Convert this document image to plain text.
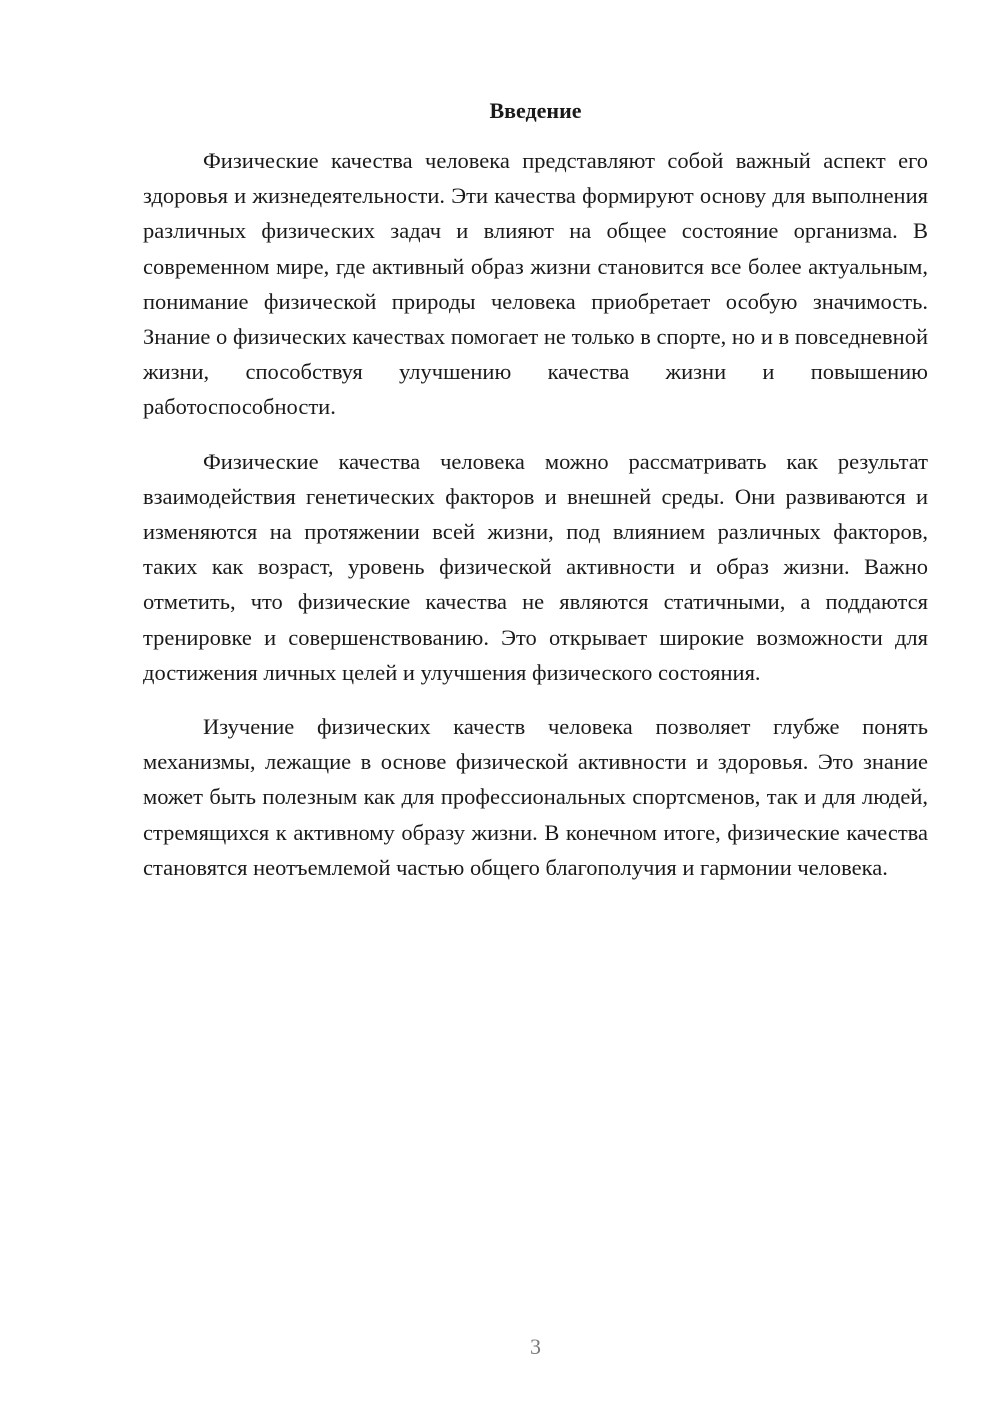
Введение

Физические качества человека представляют собой важный аспект его здоровья и жизнедеятельности. Эти качества формируют основу для выполнения различных физических задач и влияют на общее состояние организма. В современном мире, где активный образ жизни становится все более актуальным, понимание физической природы человека приобретает особую значимость. Знание о физических качествах помогает не только в спорте, но и в повседневной жизни, способствуя улучшению качества жизни и повышению работоспособности.

Физические качества человека можно рассматривать как результат взаимодействия генетических факторов и внешней среды. Они развиваются и изменяются на протяжении всей жизни, под влиянием различных факторов, таких как возраст, уровень физической активности и образ жизни. Важно отметить, что физические качества не являются статичными, а поддаются тренировке и совершенствованию. Это открывает широкие возможности для достижения личных целей и улучшения физического состояния.

Изучение физических качеств человека позволяет глубже понять механизмы, лежащие в основе физической активности и здоровья. Это знание может быть полезным как для профессиональных спортсменов, так и для людей, стремящихся к активному образу жизни. В конечном итоге, физические качества становятся неотъемлемой частью общего благополучия и гармонии человека.

3
